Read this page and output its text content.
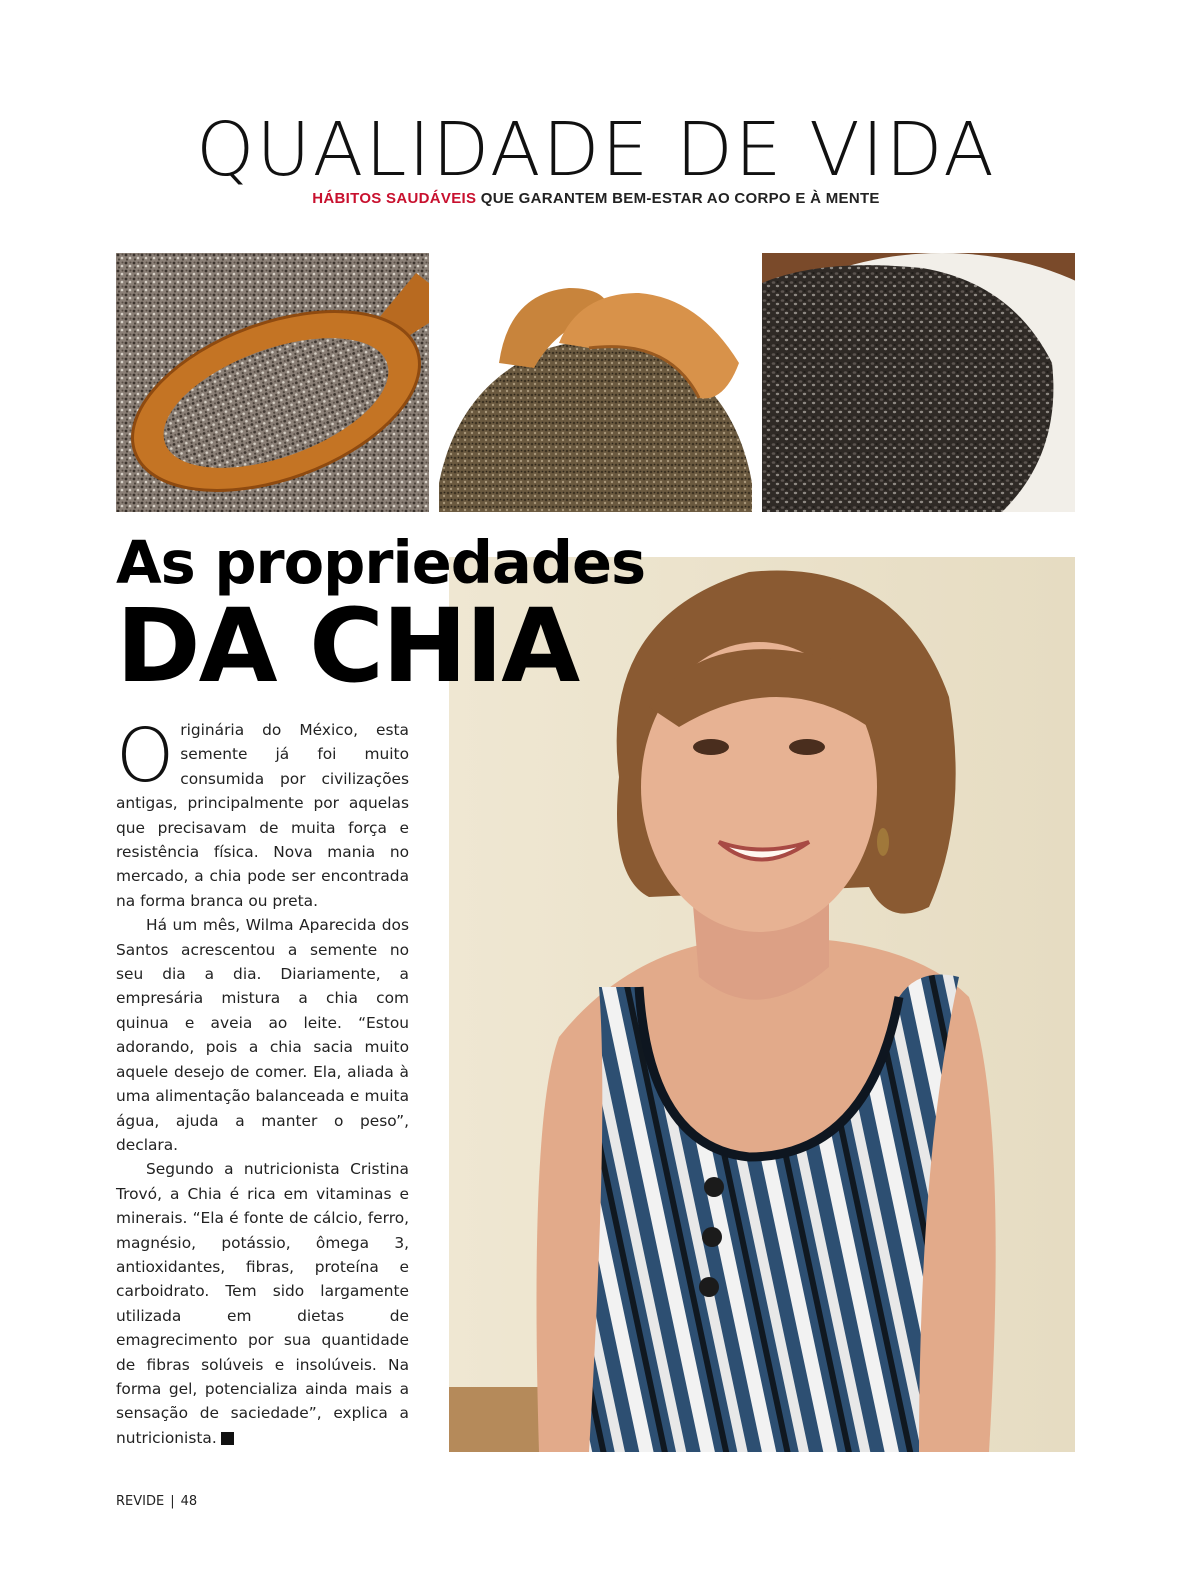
QUALIDADE DE VIDA
HÁBITOS SAUDÁVEIS QUE GARANTEM BEM-ESTAR AO CORPO E À MENTE
As propriedades
DA CHIA

Originária do México, esta semente já foi muito consumida por civilizações antigas, principalmente por aquelas que precisavam de muita força e resistência física. Nova mania no mercado, a chia pode ser encontrada na forma branca ou preta.

Há um mês, Wilma Aparecida dos Santos acrescentou a semente no seu dia a dia. Diariamente, a empresária mistura a chia com quinua e aveia ao leite. “Estou adorando, pois a chia sacia muito aquele desejo de comer. Ela, aliada à uma alimentação balanceada e muita água, ajuda a manter o peso”, declara.

Segundo a nutricionista Cristina Trovó, a Chia é rica em vitaminas e minerais. “Ela é fonte de cálcio, ferro, magnésio, potássio, ômega 3, antioxidantes, fibras, proteína e carboidrato. Tem sido largamente utilizada em dietas de emagrecimento por sua quantidade de fibras solúveis e insolúveis. Na forma gel, potencializa ainda mais a sensação de saciedade”, explica a nutricionista.	r

REVIDE | 48
